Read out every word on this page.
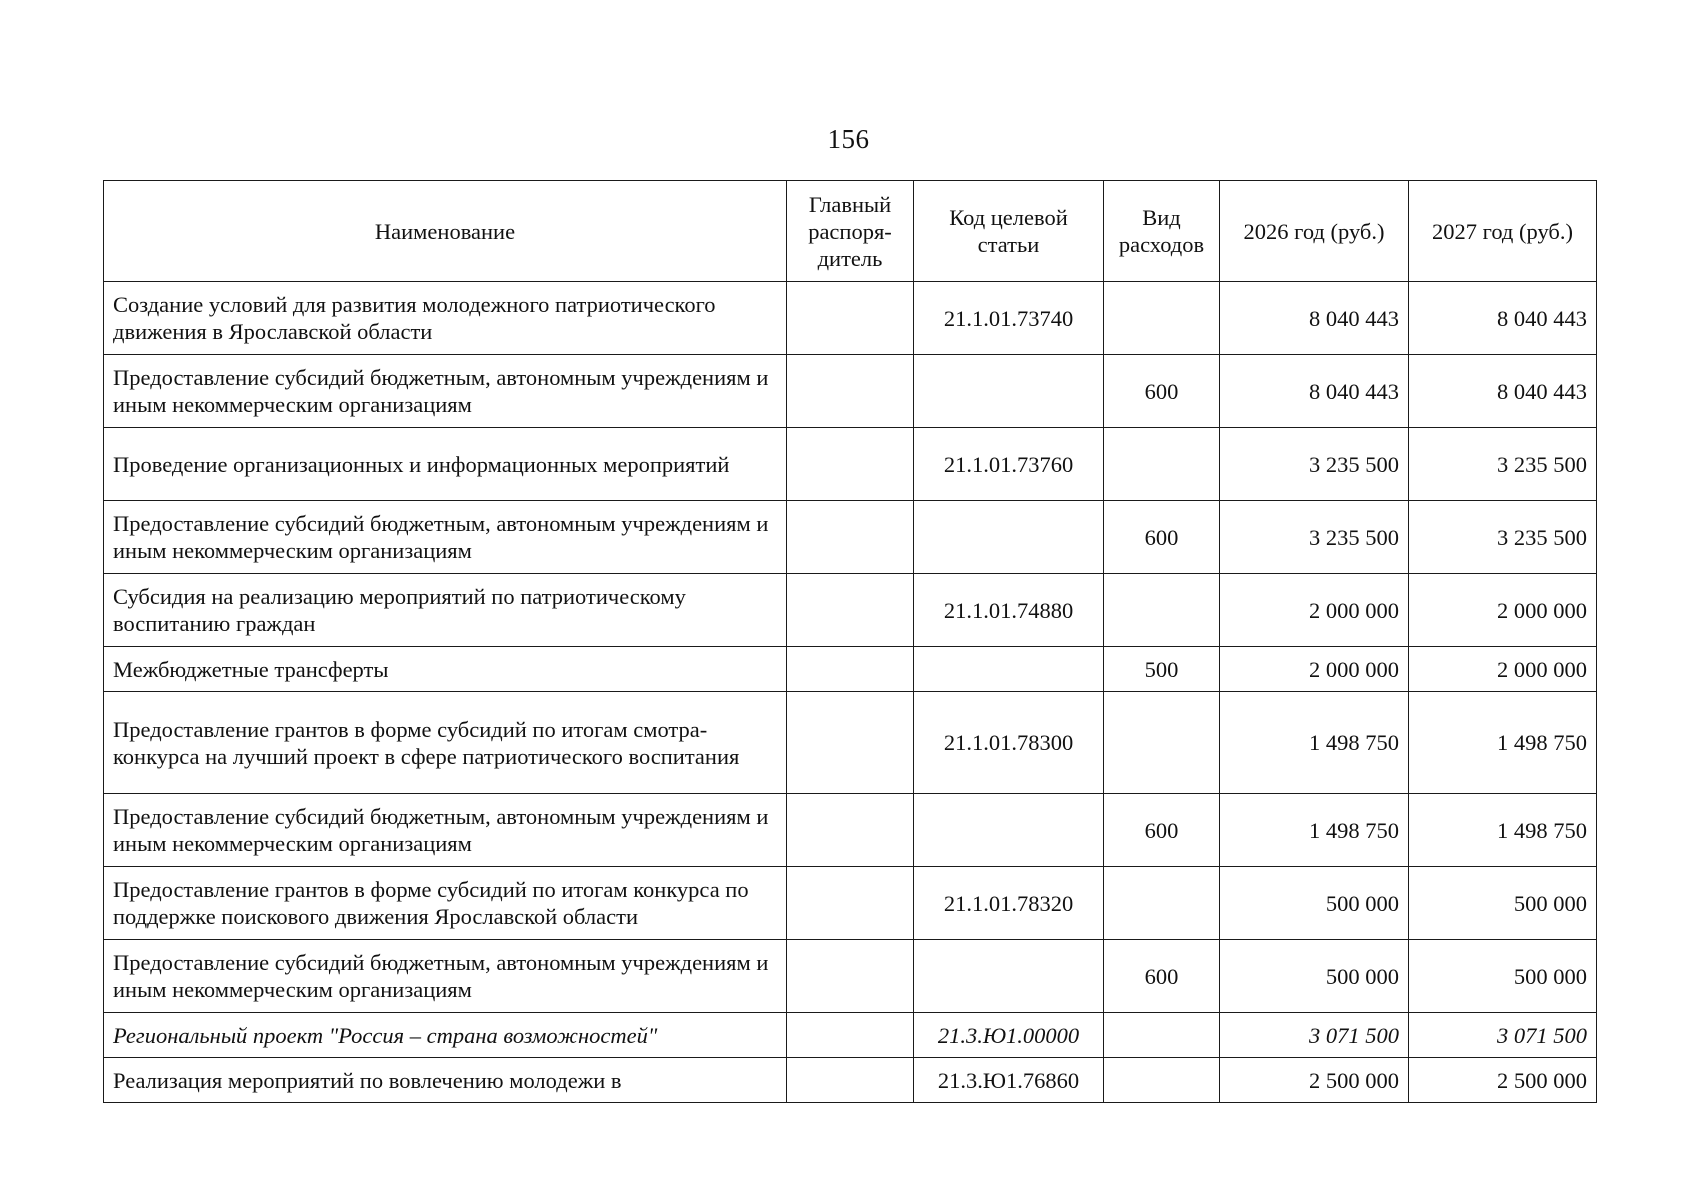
156
Наименование	Главный распоря-дитель	Код целевой статьи	Вид расходов	2026 год (руб.)	2027 год (руб.)
Создание условий для развития молодежного патриотического движения в Ярославской области		21.1.01.73740		8 040 443	8 040 443
Предоставление субсидий бюджетным, автономным учреждениям и иным некоммерческим организациям			600	8 040 443	8 040 443
Проведение организационных и информационных мероприятий		21.1.01.73760		3 235 500	3 235 500
Предоставление субсидий бюджетным, автономным учреждениям и иным некоммерческим организациям			600	3 235 500	3 235 500
Субсидия на реализацию мероприятий по патриотическому воспитанию граждан		21.1.01.74880		2 000 000	2 000 000
Межбюджетные трансферты			500	2 000 000	2 000 000
Предоставление грантов в форме субсидий по итогам смотра-конкурса на лучший проект в сфере патриотического воспитания		21.1.01.78300		1 498 750	1 498 750
Предоставление субсидий бюджетным, автономным учреждениям и иным некоммерческим организациям			600	1 498 750	1 498 750
Предоставление грантов в форме субсидий по итогам конкурса по поддержке поискового движения Ярославской области		21.1.01.78320		500 000	500 000
Предоставление субсидий бюджетным, автономным учреждениям и иным некоммерческим организациям			600	500 000	500 000
Региональный проект "Россия – страна возможностей"		21.3.Ю1.00000		3 071 500	3 071 500
Реализация мероприятий по вовлечению молодежи в		21.3.Ю1.76860		2 500 000	2 500 000
